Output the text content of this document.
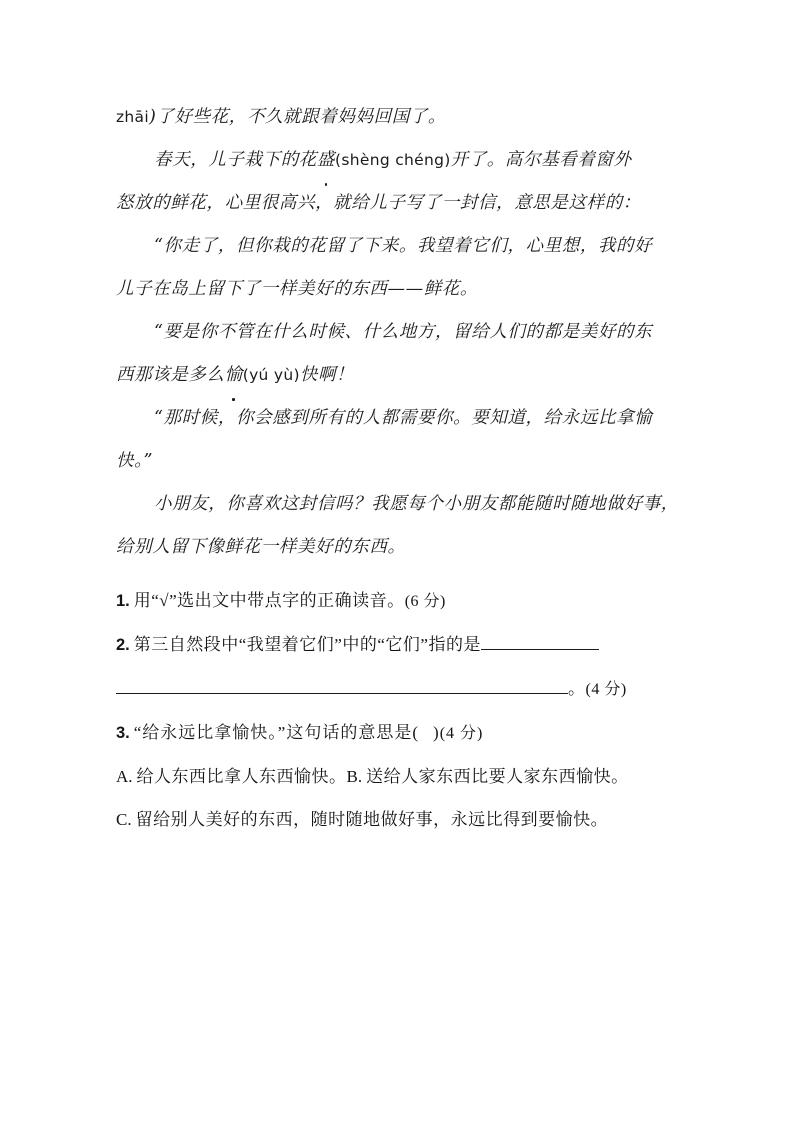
zhāi)了好些花，不久就跟着妈妈回国了。
春天，儿子栽下的花盛(shèng chéng)开了。高尔基看着窗外
怒放的鲜花，心里很高兴，就给儿子写了一封信，意思是这样的：
“你走了，但你栽的花留了下来。我望着它们，心里想，我的好
儿子在岛上留下了一样美好的东西——鲜花。
“要是你不管在什么时候、什么地方，留给人们的都是美好的东
西那该是多么愉(yú yù)快啊！
“那时候，你会感到所有的人都需要你。要知道，给永远比拿愉
快。”
小朋友，你喜欢这封信吗？我愿每个小朋友都能随时随地做好事，
给别人留下像鲜花一样美好的东西。
1. 用“√”选出文中带点字的正确读音。(6 分)
2. 第三自然段中“我望着它们”中的“它们”指的是
。(4 分)
3. “给永远比拿愉快。”这句话的意思是( )(4 分)
A. 给人东西比拿人东西愉快。B. 送给人家东西比要人家东西愉快。
C. 留给别人美好的东西，随时随地做好事，永远比得到要愉快。
